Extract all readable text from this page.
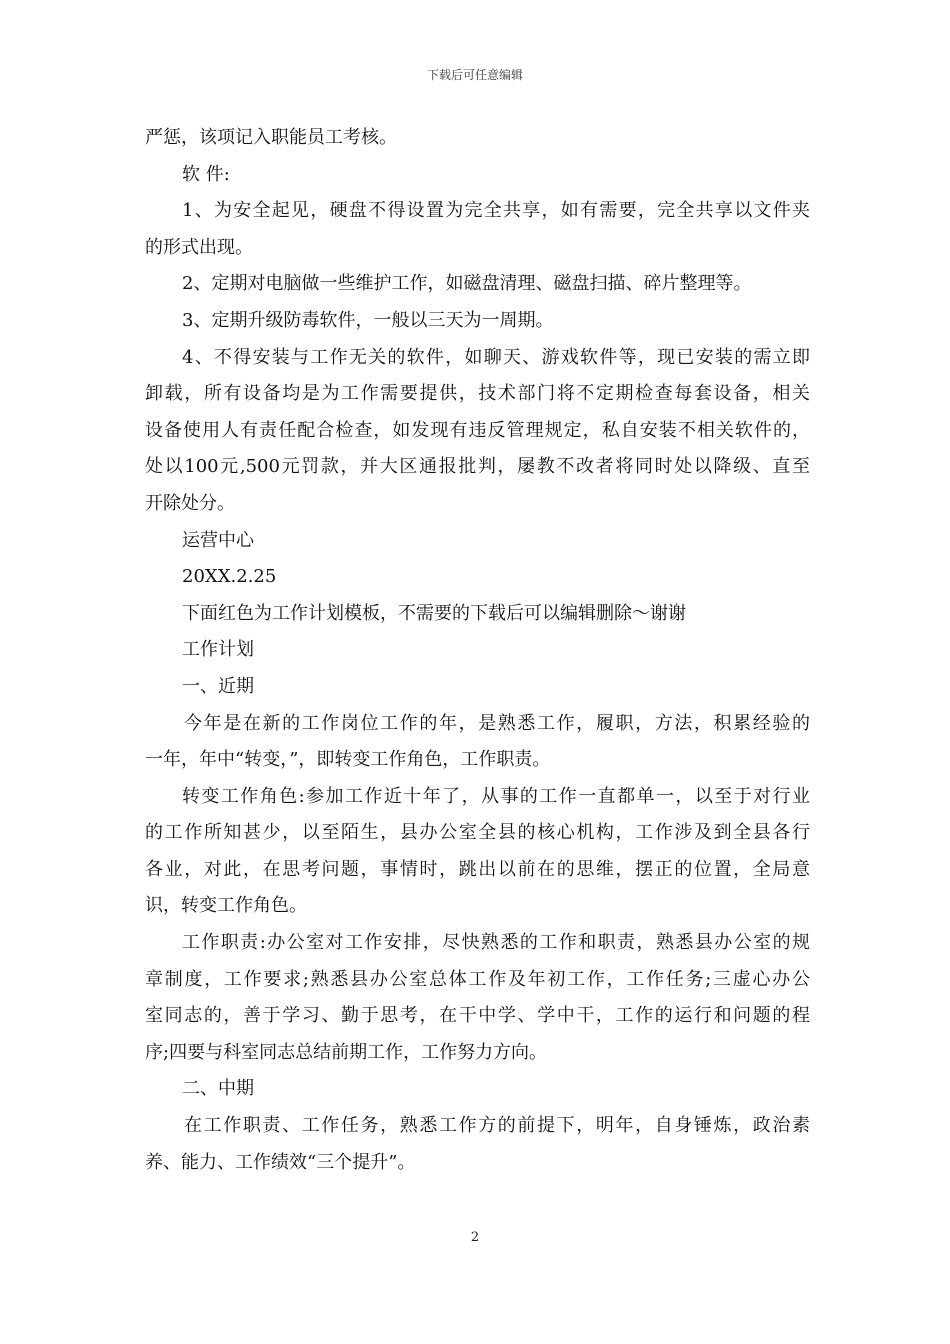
下载后可任意编辑
严惩，该项记入职能员工考核。
软 件:
1、为安全起见，硬盘不得设置为完全共享，如有需要，完全共享以文件夹
的形式出现。
2、定期对电脑做一些维护工作，如磁盘清理、磁盘扫描、碎片整理等。
3、定期升级防毒软件，一般以三天为一周期。
4、不得安装与工作无关的软件，如聊天、游戏软件等，现已安装的需立即
卸载，所有设备均是为工作需要提供，技术部门将不定期检查每套设备，相关
设备使用人有责任配合检查，如发现有违反管理规定，私自安装不相关软件的，
处以100元,500元罚款，并大区通报批判，屡教不改者将同时处以降级、直至
开除处分。
运营中心
20XX.2.25
下面红色为工作计划模板，不需要的下载后可以编辑删除～谢谢
工作计划
一、近期
今年是在新的工作岗位工作的年，是熟悉工作，履职，方法，积累经验的
一年，年中“转变，”，即转变工作角色，工作职责。
转变工作角色:参加工作近十年了，从事的工作一直都单一，以至于对行业
的工作所知甚少，以至陌生，县办公室全县的核心机构，工作涉及到全县各行
各业，对此，在思考问题，事情时，跳出以前在的思维，摆正的位置，全局意
识，转变工作角色。
工作职责:办公室对工作安排，尽快熟悉的工作和职责，熟悉县办公室的规
章制度，工作要求;熟悉县办公室总体工作及年初工作，工作任务;三虚心办公
室同志的，善于学习、勤于思考，在干中学、学中干，工作的运行和问题的程
序;四要与科室同志总结前期工作，工作努力方向。
二、中期
在工作职责、工作任务，熟悉工作方的前提下，明年，自身锤炼，政治素
养、能力、工作绩效“三个提升”。
2
